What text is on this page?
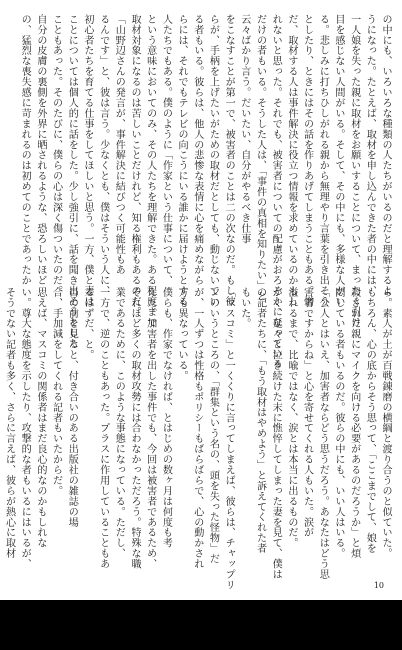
の中にも、いろいろな種類の人たちがいるのだと理解するよ
うになった。たとえば、取材を申し込んできた者の中には、
一人娘を失った親に取材をお願いすることについて、まったく引け
目を感じない人間がいる。そして、その中にも、多様な人がい
る。悲しみに打ちひしがれる親から無理やり言葉を引き出そう
としたり、ときにはその話を作りあげてしまうこともある。憎
だ、取材する人は事件解決に役立つ情報を求めているのかもし
れないと思った。それでも、被害者についての配慮がおろそかになっている
だけの者もいる。そうした人は、「事件の真相を知りたい」と
云々ばかり言う。だいたい、自分がやるべき仕事
をこなすことが第一で、被害者のことは二の次なのだ。もし彼
らが、手柄を上げたいがための取材だとしても、動じないでい
る者もいる。彼らは、他人の悲惨な表情に心を痛めながら
らには、それでもテレビの向こうにいる誰かに届けようとする
人たちでもある。僕のように「作家という仕事について、
という意味においてのみ、その人たちを理解できた。ある程度まで
取材対象になるのは苦しいことだけれど、知る権利もあるのだ。
「山野辺さんの発言が、事件解決に結びつく可能性もあ
るんです」と、彼は言う。少なくとも、僕はそういう人に、
初心者たちを育てる仕事をしてほしいと思う。一方、僕と妻は
ことについては個人的に話をした。少し強引に、話を聞き出そうとした
こともあった。そのたびに、僕らの心は深く傷ついたのだ。
自分の皮膚の裏側を外界に晒されるような、恐ろしいほど
の、猛烈な喪失感に苛まれるのは初めてのことであったか
ら。素人が土が百戦錬磨の横綱と渡り合うのと似ていた。
もちろん、心の底からそう思って、「ここまでして、娘を
殺された親にマイクを向ける必要があるのだろうか」と煩
悶している者もいるのだ。彼らの中にも、いい人はいる。
「公人とはいえ、加害者ならどう思うだろう。あなたはどう思
害者ですからね」と心を寄せてくれる人もいた。涙が
溢れるまで、比喩ではなく、涙とは本当に出るものだ。
がく、延々と泣き続けた末に憔悴してしまった妻を見て、僕は
の記者たちに、「もう取材はやめよう」と訴えてくれた者
もいた。
「マスコミ」と一くくりに言ってしまえば、彼らは、チャップリ
ンのいうところの、「群集という名の、頭を失った怪物」だ
が、一人ずつは性格もポリシーもばらばらで、心の動かされ
方も異なっている。
僕らも、作家でなければ、とはじめの数ヶ月は何度も考
えた。加害者を出した事件でも、今回は被害者であるため、
それほど多くの取材攻勢には合わなかっただろう。特殊な職
業であるために、このような事態になっている。ただし、
一方で、逆のこともあった。プラスに作用していることもあ
るはずだ、と。
目の前を見ると、付き合いのある出版社の雑誌の場
合、手加減をしてくれる記者もいたからだ。
思えば、マスコミの関係者はまだ良心的なのかもしれな
い。尊大な態度を示したり、攻撃的な者もいるにはいるが、
そうでない記者も多く、さらに言えば、彼らが熱心に取材
10
